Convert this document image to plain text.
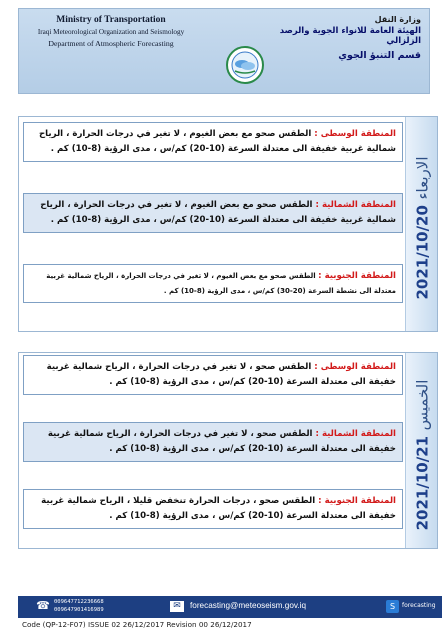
Ministry of Transportation
Iraqi Meteorological Organization and Seismology
Department of Atmospheric Forecasting
وزارة النقل
الهيئة العامة للانواء الجوية والرصد الزلزالي
قسم التنبؤ الجوي
المنطقة الوسطى : الطقس صحو مع بعض الغيوم ، لا تغير في درجات الحرارة ، الرياح شمالية غربية خفيفة الى معتدلة السرعة (10-20) كم/س ، مدى الرؤية (8-10) كم .
المنطقة الشمالية : الطقس صحو مع بعض الغيوم ، لا تغير في درجات الحرارة ، الرياح شمالية غربية خفيفة الى معتدلة السرعة (10-20) كم/س ، مدى الرؤية (8-10) كم .
المنطقة الجنوبية : الطقس صحو مع بعض الغيوم ، لا تغير في درجات الحرارة ، الرياح شمالية غربية معتدلة الى نشطة السرعة (20-30) كم/س ، مدى الرؤية (8-10) كم .	2021/10/20 الاربعاء
المنطقة الوسطى : الطقس صحو ، لا تغير في درجات الحرارة ، الرياح شمالية غربية خفيفة الى معتدلة السرعة (10-20) كم/س ، مدى الرؤية (8-10) كم .
المنطقة الشمالية : الطقس صحو ، لا تغير في درجات الحرارة ، الرياح شمالية غربية خفيفة الى معتدلة السرعة (10-20) كم/س ، مدى الرؤية (8-10) كم .
المنطقة الجنوبية : الطقس صحو ، درجات الحرارة تنخفض قليلا ، الرياح شمالية غربية خفيفة الى معتدلة السرعة (10-20) كم/س ، مدى الرؤية (8-10) كم .	2021/10/21 الخميس
☎ 009647712236668
009647901416989	✉	forecasting@meteoseism.gov.iq	S	forecasting
Code (QP-12-F07) ISSUE 02 26/12/2017 Revision 00 26/12/2017
